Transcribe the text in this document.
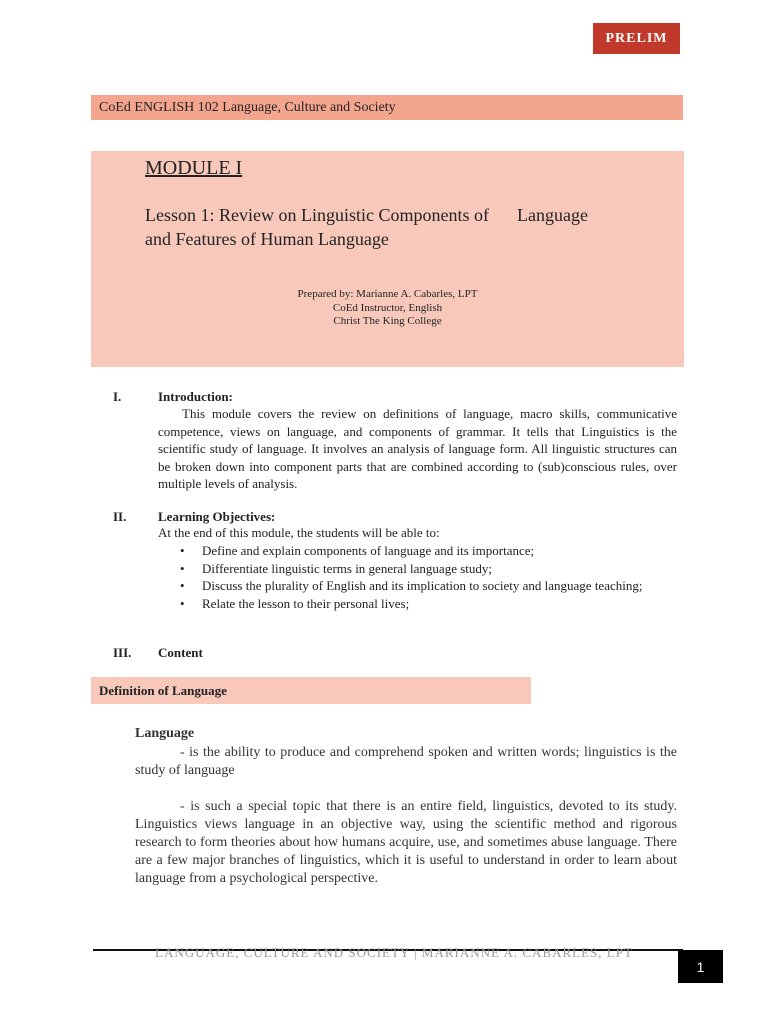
PRELIM
CoEd ENGLISH 102 Language, Culture and Society
MODULE I
Lesson 1: Review on Linguistic Components of Language
and Features of Human Language
Prepared by: Marianne A. Cabarles, LPT
CoEd Instructor, English
Christ The King College
I.	Introduction:

This module covers the review on definitions of language, macro skills, communicative competence, views on language, and components of grammar. It tells that Linguistics is the scientific study of language. It involves an analysis of language form. All linguistic structures can be broken down into component parts that are combined according to (sub)conscious rules, over multiple levels of analysis.

II. Learning Objectives:
At the end of this module, the students will be able to:
• Define and explain components of language and its importance;
• Differentiate linguistic terms in general language study;
• Discuss the plurality of English and its implication to society and language teaching;
• Relate the lesson to their personal lives;
III. Content
Definition of Language
Language

- is the ability to produce and comprehend spoken and written words; linguistics is the study of language

- is such a special topic that there is an entire field, linguistics, devoted to its study. Linguistics views language in an objective way, using the scientific method and rigorous research to form theories about how humans acquire, use, and sometimes abuse language. There are a few major branches of linguistics, which it is useful to understand in order to learn about language from a psychological perspective.

LANGUAGE, CULTURE AND SOCIETY | MARIANNE A. CABARLES, LPT
1
